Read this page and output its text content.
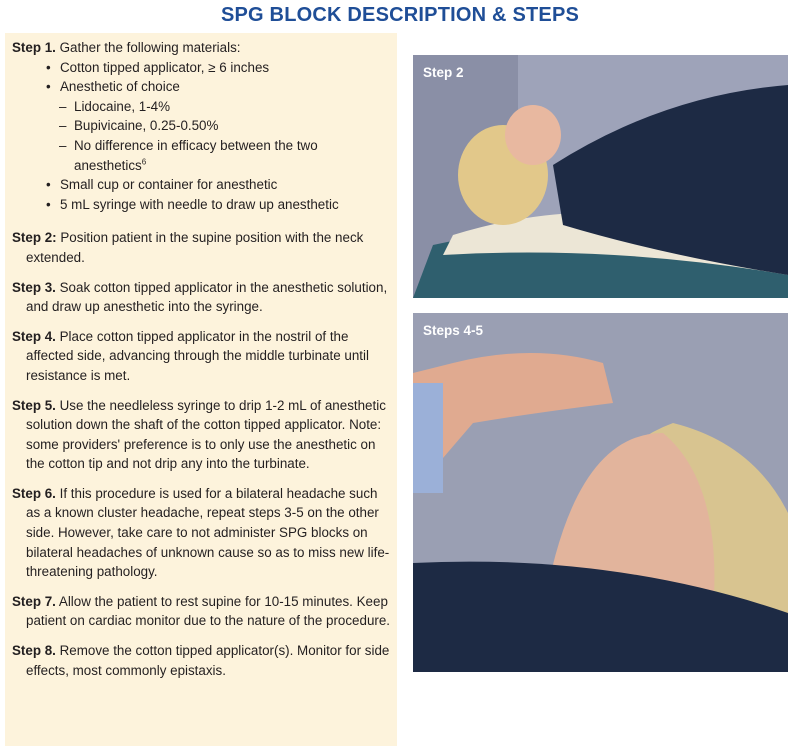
SPG BLOCK DESCRIPTION & STEPS
Step 1. Gather the following materials:
• Cotton tipped applicator, ≥ 6 inches
• Anesthetic of choice
– Lidocaine, 1-4%
– Bupivicaine, 0.25-0.50%
– No difference in efficacy between the two anesthetics$^6$
• Small cup or container for anesthetic
• 5 mL syringe with needle to draw up anesthetic
Step 2: Position patient in the supine position with the neck extended.
Step 3. Soak cotton tipped applicator in the anesthetic solution, and draw up anesthetic into the syringe.
Step 4. Place cotton tipped applicator in the nostril of the affected side, advancing through the middle turbinate until resistance is met.
Step 5. Use the needleless syringe to drip 1-2 mL of anesthetic solution down the shaft of the cotton tipped applicator. Note: some providers' preference is to only use the anesthetic on the cotton tip and not drip any into the turbinate.
Step 6. If this procedure is used for a bilateral headache such as a known cluster headache, repeat steps 3-5 on the other side. However, take care to not administer SPG blocks on bilateral headaches of unknown cause so as to miss new life-threatening pathology.
Step 7. Allow the patient to rest supine for 10-15 minutes. Keep patient on cardiac monitor due to the nature of the procedure.
Step 8. Remove the cotton tipped applicator(s). Monitor for side effects, most commonly epistaxis.
Step 2
Steps 4-5
